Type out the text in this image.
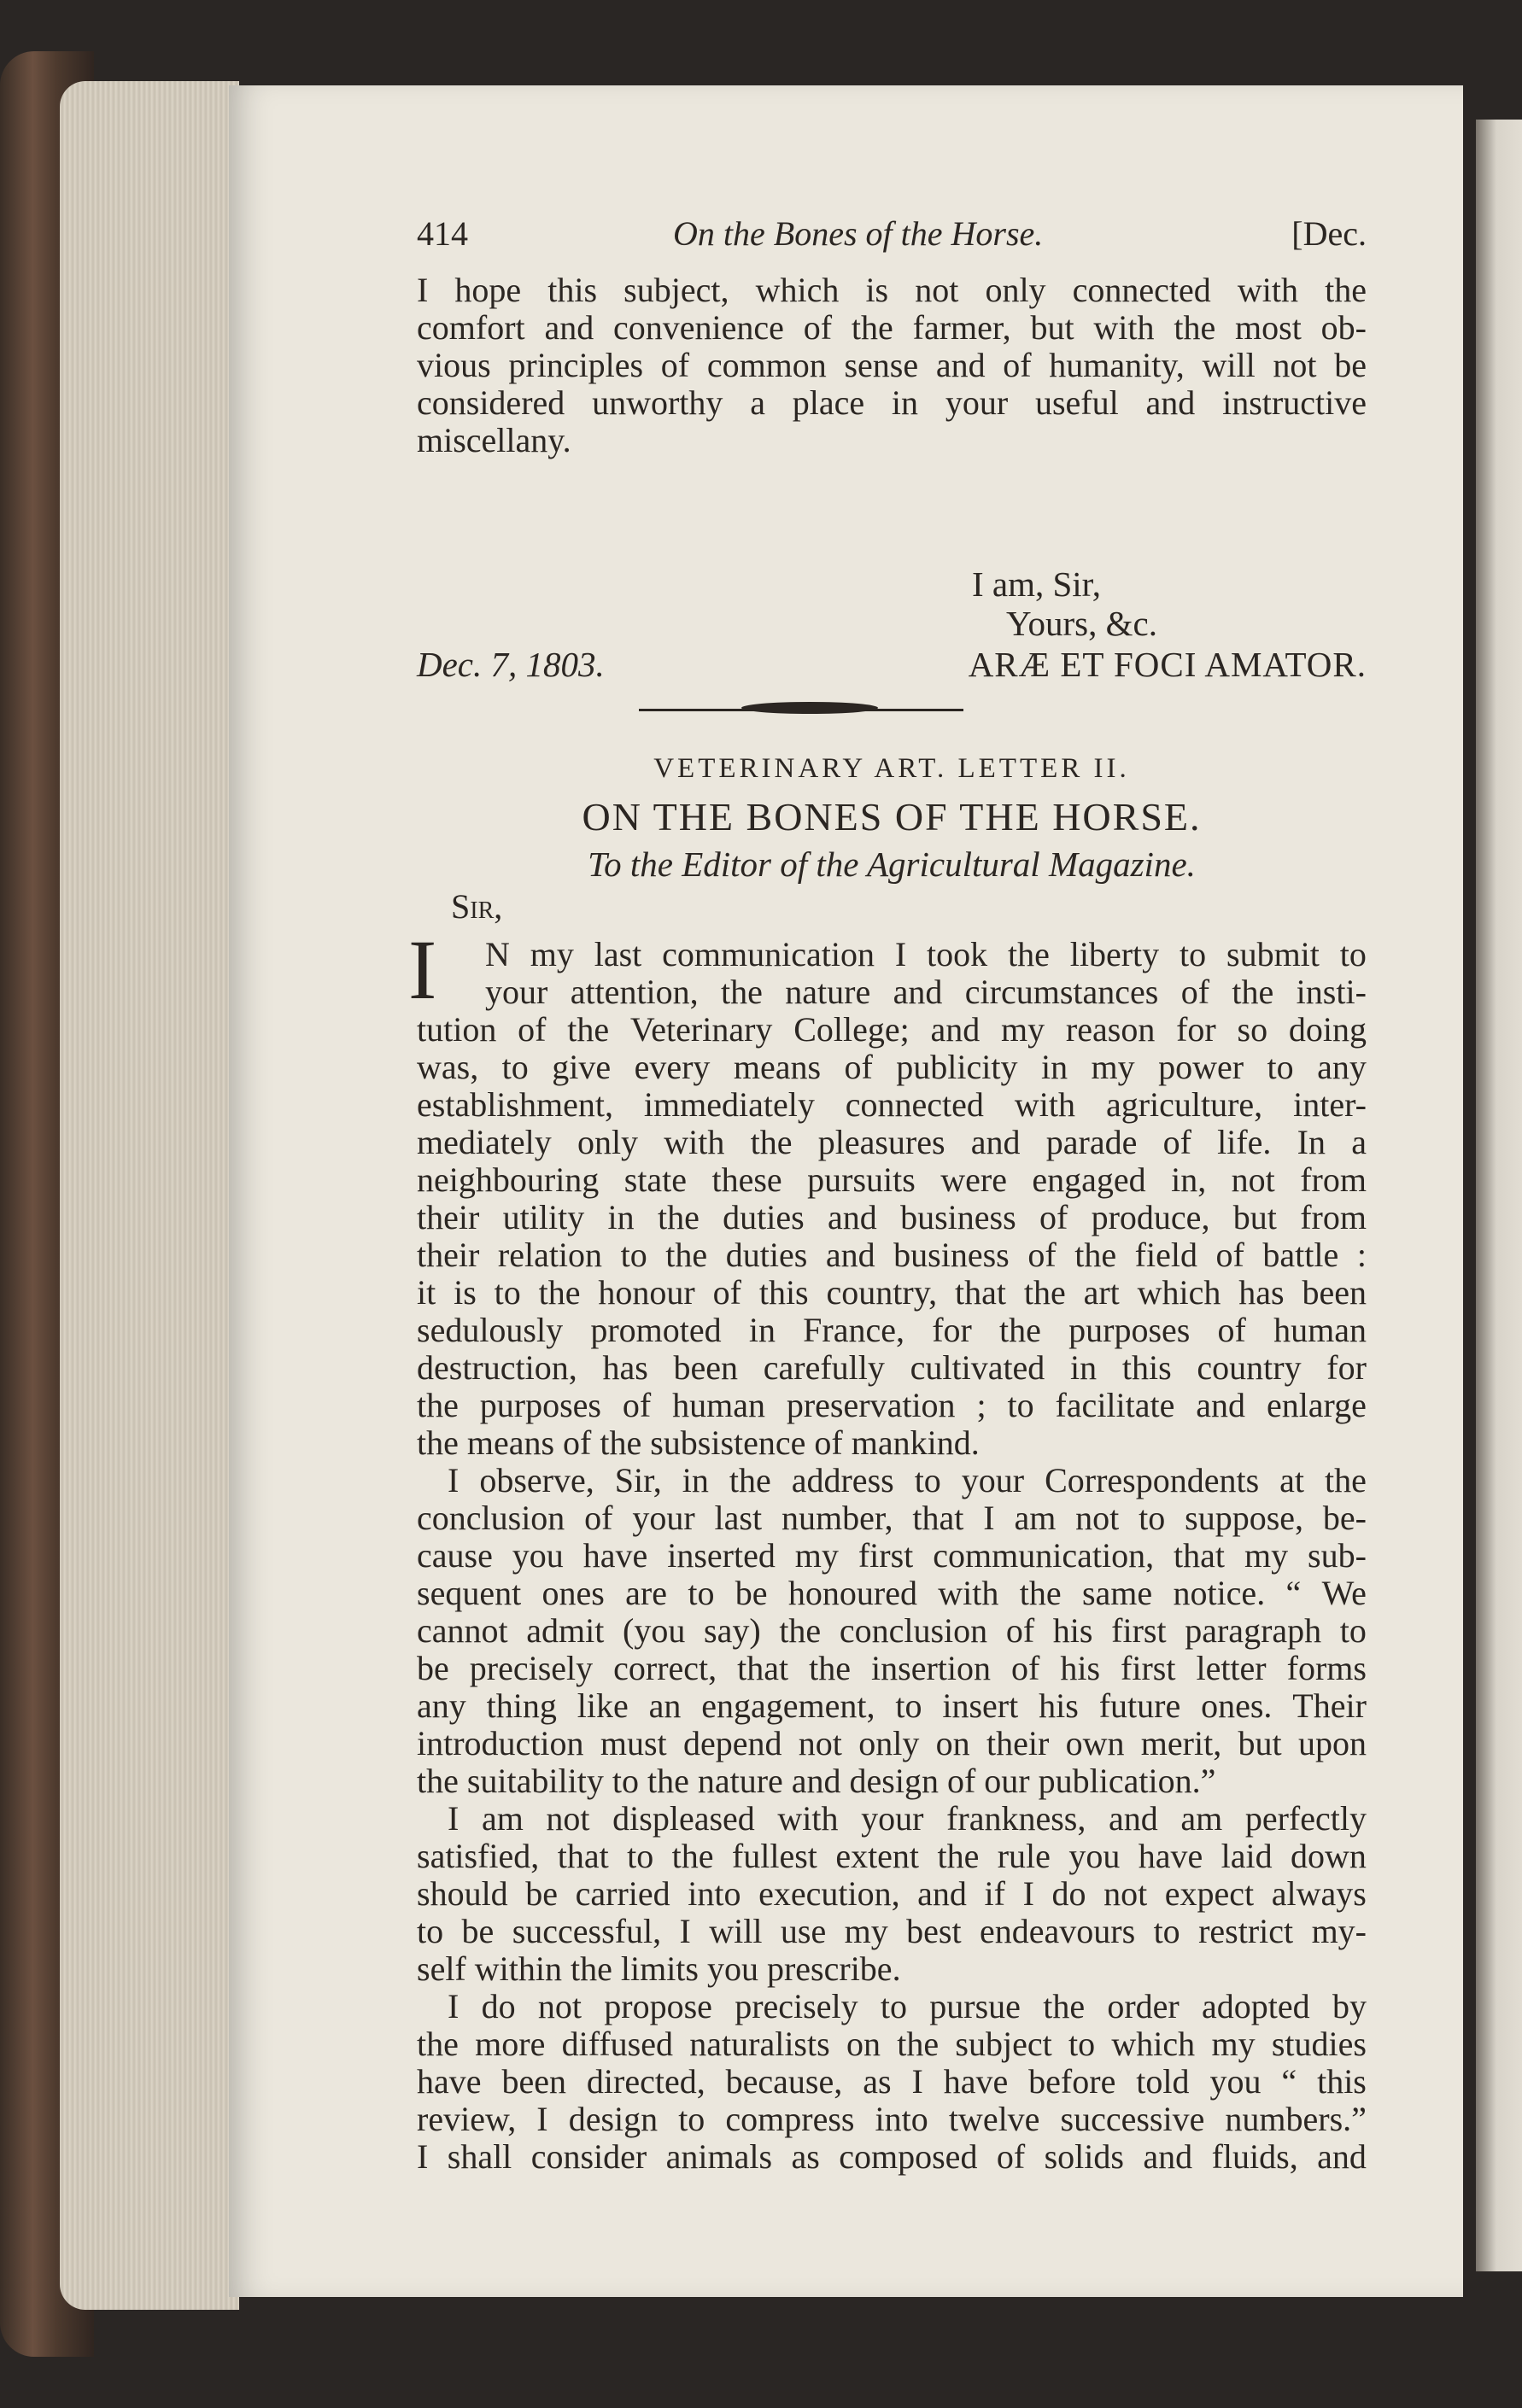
414	On the Bones of the Horse.	[Dec.
I hope this subject, which is not only connected with the
comfort and convenience of the farmer, but with the most ob-
vious principles of common sense and of humanity, will not be
considered unworthy a place in your useful and instructive
miscellany.
I am, Sir,
Yours, &c.
Dec. 7, 1803.	ARÆ ET FOCI AMATOR.
VETERINARY ART. LETTER II.
ON THE BONES OF THE HORSE.
To the Editor of the Agricultural Magazine.
Sir,
I N my last communication I took the liberty to submit to
your attention, the nature and circumstances of the insti-
tution of the Veterinary College; and my reason for so doing
was, to give every means of publicity in my power to any
establishment, immediately connected with agriculture, inter-
mediately only with the pleasures and parade of life. In a
neighbouring state these pursuits were engaged in, not from
their utility in the duties and business of produce, but from
their relation to the duties and business of the field of battle :
it is to the honour of this country, that the art which has been
sedulously promoted in France, for the purposes of human
destruction, has been carefully cultivated in this country for
the purposes of human preservation ; to facilitate and enlarge
the means of the subsistence of mankind.
I observe, Sir, in the address to your Correspondents at the
conclusion of your last number, that I am not to suppose, be-
cause you have inserted my first communication, that my sub-
sequent ones are to be honoured with the same notice. “ We
cannot admit (you say) the conclusion of his first paragraph to
be precisely correct, that the insertion of his first letter forms
any thing like an engagement, to insert his future ones. Their
introduction must depend not only on their own merit, but upon
the suitability to the nature and design of our publication.”
I am not displeased with your frankness, and am perfectly
satisfied, that to the fullest extent the rule you have laid down
should be carried into execution, and if I do not expect always
to be successful, I will use my best endeavours to restrict my-
self within the limits you prescribe.
I do not propose precisely to pursue the order adopted by
the more diffused naturalists on the subject to which my studies
have been directed, because, as I have before told you “ this
review, I design to compress into twelve successive numbers.”
I shall consider animals as composed of solids and fluids, and
